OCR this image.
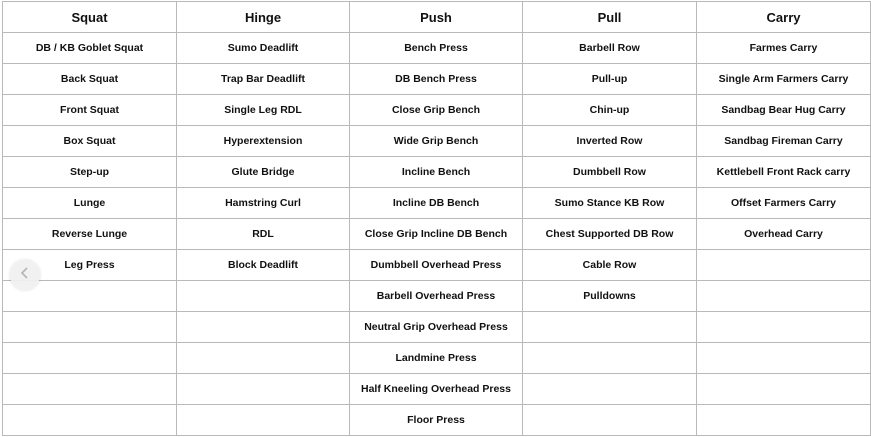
Squat	Hinge	Push	Pull	Carry
DB / KB Goblet Squat	Sumo Deadlift	Bench Press	Barbell Row	Farmes Carry
Back Squat	Trap Bar Deadlift	DB Bench Press	Pull-up	Single Arm Farmers Carry
Front Squat	Single Leg RDL	Close Grip Bench	Chin-up	Sandbag Bear Hug Carry
Box Squat	Hyperextension	Wide Grip Bench	Inverted Row	Sandbag Fireman Carry
Step-up	Glute Bridge	Incline Bench	Dumbbell Row	Kettlebell Front Rack carry
Lunge	Hamstring Curl	Incline DB Bench	Sumo Stance KB Row	Offset Farmers Carry
Reverse Lunge	RDL	Close Grip Incline DB Bench	Chest Supported DB Row	Overhead Carry
Leg Press	Block Deadlift	Dumbbell Overhead Press	Cable Row	
		Barbell Overhead Press	Pulldowns	
		Neutral Grip Overhead Press		
		Landmine Press		
		Half Kneeling Overhead Press		
		Floor Press		
